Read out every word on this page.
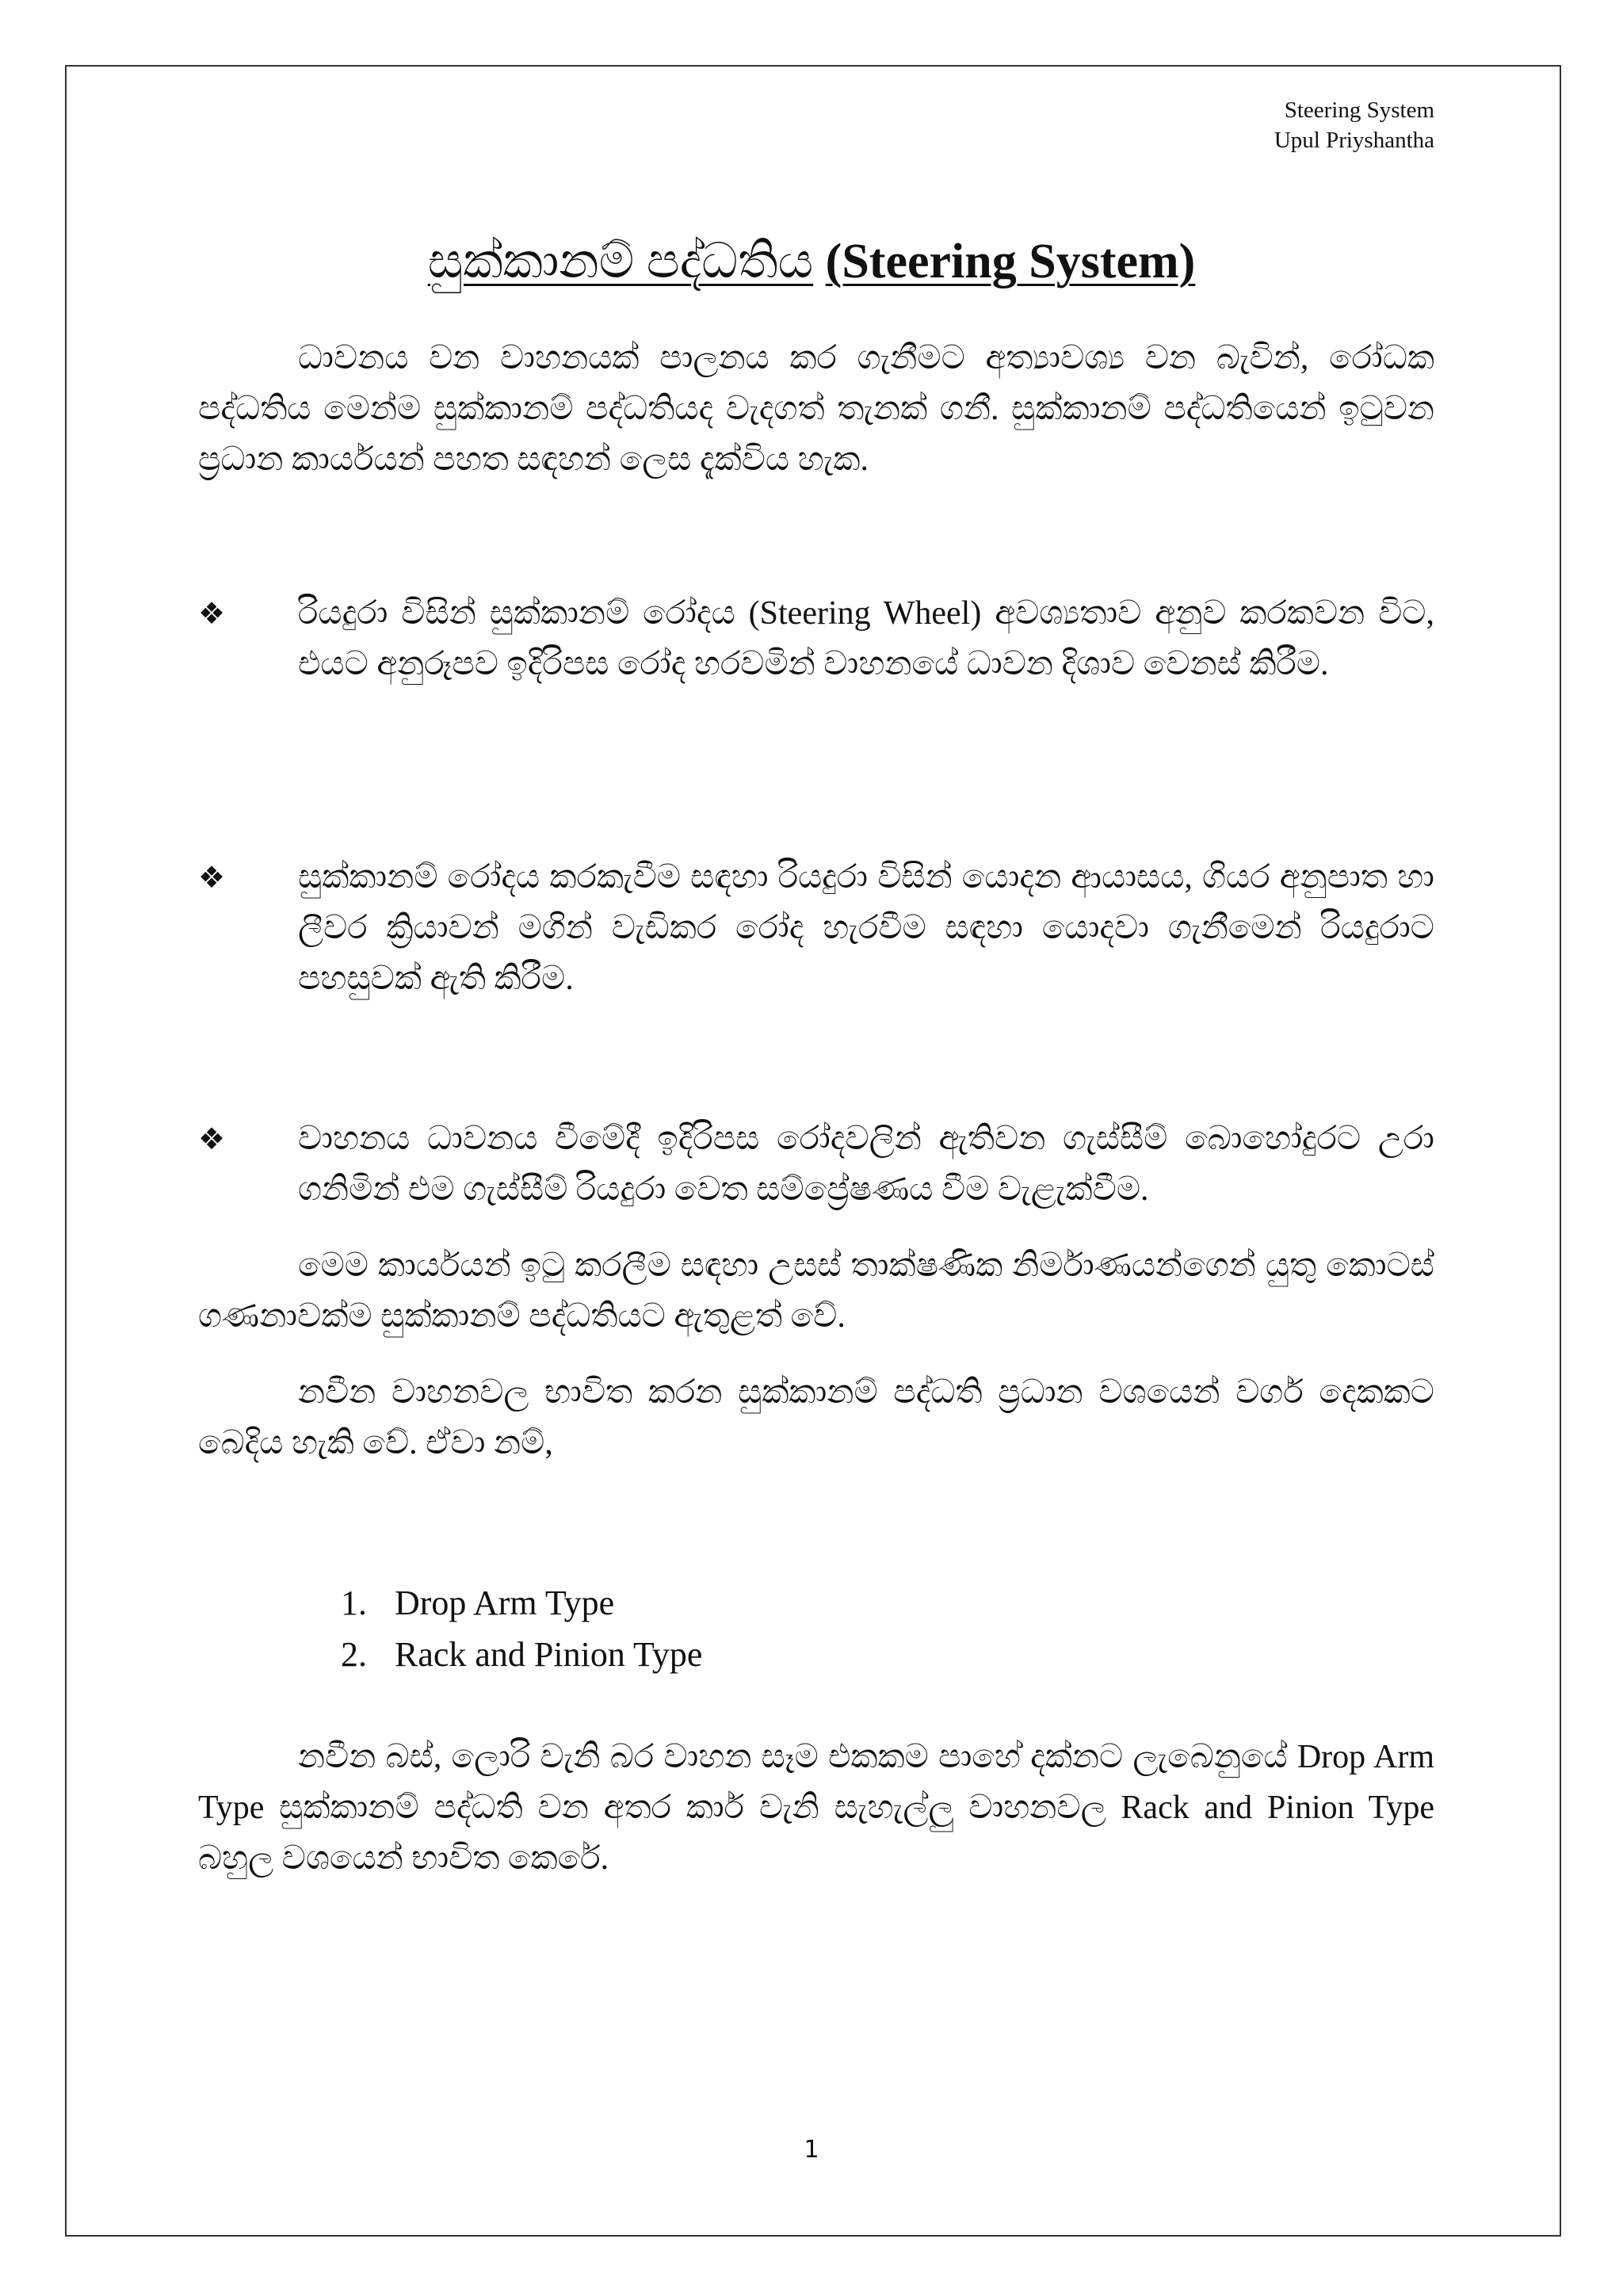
Steering System
Upul Priyshantha
සුක්කානම් පද්ධතිය (Steering System)

ධාවනය වන වාහනයක් පාලනය කර ගැනීමට අත්‍යාවශ්‍ය වන බැවින්, රෝධක පද්ධතිය මෙන්ම සුක්කානම් පද්ධතියද වැදගත් තැනක් ගනී. සුක්කානම් පද්ධතියෙන් ඉටුවන ප්‍රධාන කාර්යයන් පහත සඳහන් ලෙස දැක්විය හැක.

❖ රියදුරා විසින් සුක්කානම් රෝදය (Steering Wheel) අවශ්‍යතාව අනුව කරකවන විට, එයට අනුරූපව ඉදිරිපස රෝද හරවමින් වාහනයේ ධාවන දිශාව වෙනස් කිරීම.
❖ සුක්කානම් රෝදය කරකැවීම සඳහා රියදුරා විසින් යොදන ආයාසය, ගියර අනුපාත හා ලීවර ක්‍රියාවන් මගින් වැඩිකර රෝද හැරවීම සඳහා යොදවා ගැනීමෙන් රියදුරාට පහසුවක් ඇති කිරීම.
❖ වාහනය ධාවනය වීමේදී ඉදිරිපස රෝදවලින් ඇතිවන ගැස්සීම් බොහෝදුරට උරා ගනිමින් එම ගැස්සීම් රියදුරා වෙත සම්ප්‍රේෂණය වීම වැළැක්වීම.

මෙම කාර්යයන් ඉටු කරලීම සඳහා උසස් තාක්ෂණික නිර්මාණයන්ගෙන් යුතු කොටස් ගණනාවක්ම සුක්කානම් පද්ධතියට ඇතුළත් වේ.

නවීන වාහනවල භාවිත කරන සුක්කානම් පද්ධති ප්‍රධාන වශයෙන් වර්ග දෙකකට බෙදිය හැකි වේ. ඒවා නම්,

1. Drop Arm Type
2. Rack and Pinion Type

නවීන බස්, ලොරි වැනි බර වාහන සෑම එකකම පාහේ දක්නට ලැබෙනුයේ Drop Arm Type සුක්කානම් පද්ධති වන අතර කාර් වැනි සැහැල්ලු වාහනවල Rack and Pinion Type බහුල වශයෙන් භාවිත කෙරේ.

1
